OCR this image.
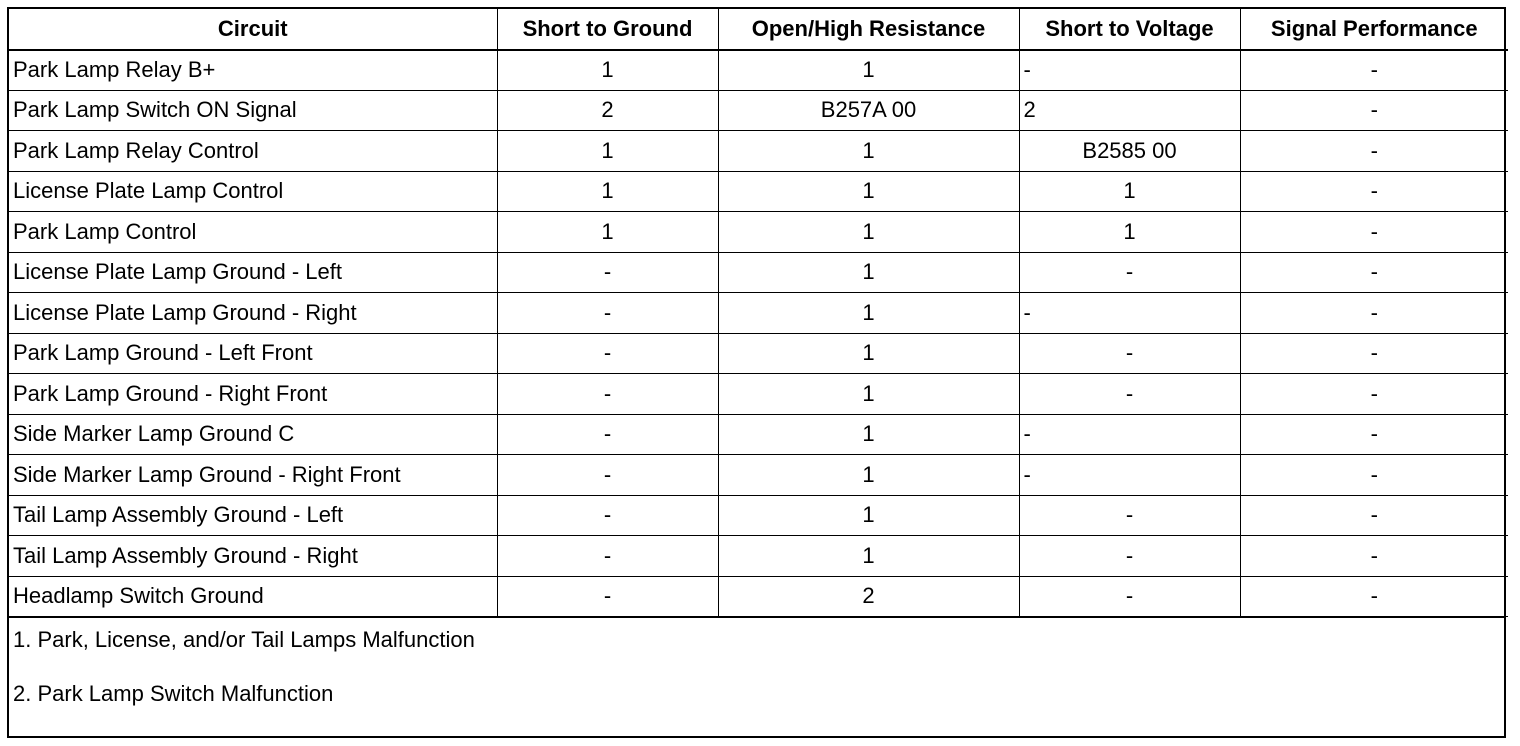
Circuit	Short to Ground	Open/High Resistance	Short to Voltage	Signal Performance
Park Lamp Relay B+	1	1	-	-
Park Lamp Switch ON Signal	2	B257A 00	2	-
Park Lamp Relay Control	1	1	B2585 00	-
License Plate Lamp Control	1	1	1	-
Park Lamp Control	1	1	1	-
License Plate Lamp Ground - Left	-	1	-	-
License Plate Lamp Ground - Right	-	1	-	-
Park Lamp Ground - Left Front	-	1	-	-
Park Lamp Ground - Right Front	-	1	-	-
Side Marker Lamp Ground C	-	1	-	-
Side Marker Lamp Ground - Right Front	-	1	-	-
Tail Lamp Assembly Ground - Left	-	1	-	-
Tail Lamp Assembly Ground - Right	-	1	-	-
Headlamp Switch Ground	-	2	-	-
1. Park, License, and/or Tail Lamps Malfunction
2. Park Lamp Switch Malfunction
